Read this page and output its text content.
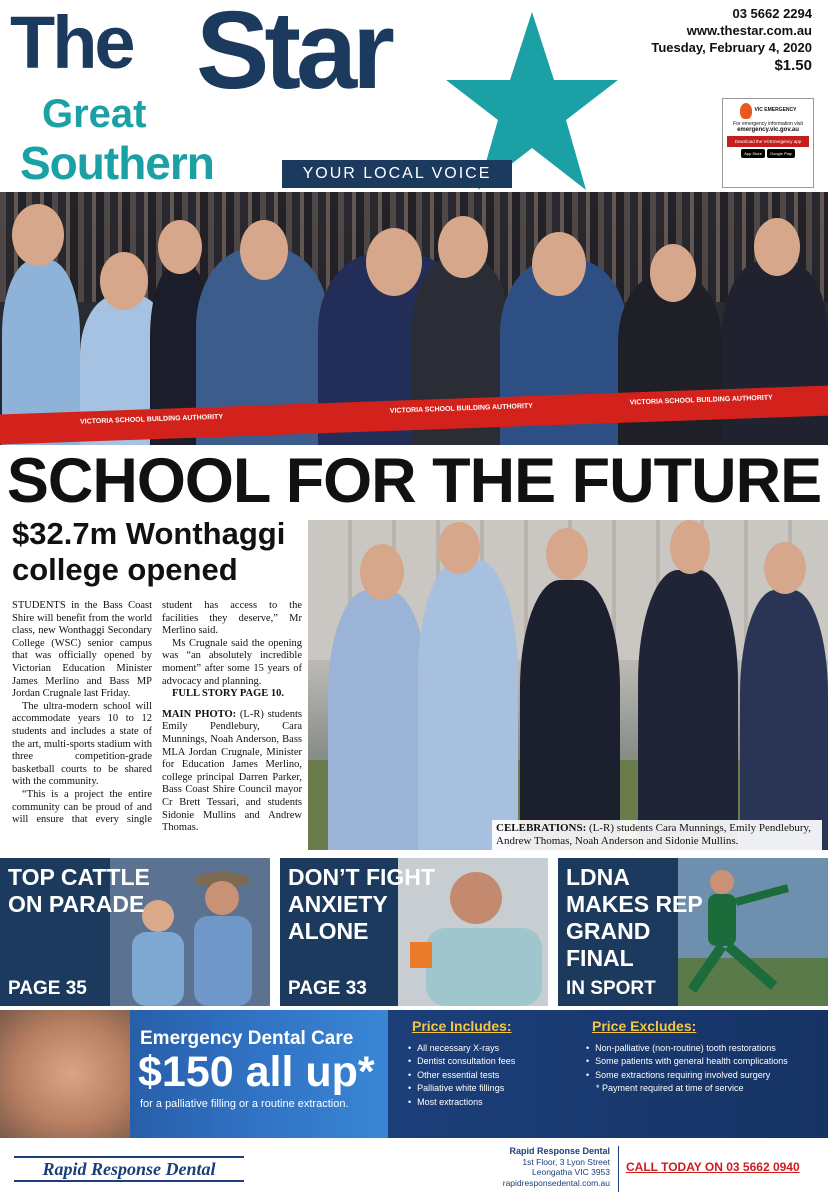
The Star
Great
Southern	YOUR LOCAL VOICE
03 5662 2294
www.thestar.com.au
Tuesday, February 4, 2020
$1.50
VIC EMERGENCY
For emergency information visit
emergency.vic.gov.au
Download the VicEmergency app
App Store	Google Play
VICTORIA SCHOOL BUILDING AUTHORITY
VICTORIA SCHOOL BUILDING AUTHORITY
VICTORIA SCHOOL BUILDING AUTHORITY
SCHOOL FOR THE FUTURE
$32.7m Wonthaggi college opened

STUDENTS in the Bass Coast Shire will benefit from the world class, new Wonthaggi Secondary College (WSC) senior campus that was officially opened by Victorian Education Minister James Merlino and Bass MP Jordan Crugnale last Friday.

The ultra-modern school will accommodate years 10 to 12 students and includes a state of the art, multi-sports stadium with three competition-grade basketball courts to be shared with the community.

“This is a project the entire community can be proud of and will ensure that every single student has access to the facilities they deserve,” Mr Merlino said.

Ms Crugnale said the opening was “an absolutely incredible moment” after some 15 years of advocacy and planning.

FULL STORY PAGE 10.

MAIN PHOTO: (L-R) students Emily Pendlebury, Cara Munnings, Noah Anderson, Bass MLA Jordan Crugnale, Minister for Education James Merlino, college principal Darren Parker, Bass Coast Shire Council mayor Cr Brett Tessari, and students Sidonie Mullins and Andrew Thomas.	CELEBRATIONS: (L-R) students Cara Munnings, Emily Pendlebury, Andrew Thomas, Noah Anderson and Sidonie Mullins.
TOP CATTLE ON PARADE
PAGE 35
DON’T FIGHT ANXIETY ALONE
PAGE 33
LDNA MAKES REP GRAND FINAL
IN SPORT
Emergency Dental Care
$150 all up*
for a palliative filling or a routine extraction.
Price Includes:
• All necessary X-rays
• Dentist consultation fees
• Other essential tests
• Palliative white fillings
• Most extractions
Price Excludes:
• Non-palliative (non-routine) tooth restorations
• Some patients with general health complications
• Some extractions requiring involved surgery
* Payment required at time of service
Rapid Response Dental
Rapid Response Dental
1st Floor, 3 Lyon Street
Leongatha VIC 3953
rapidresponsedental.com.au
CALL TODAY ON 03 5662 0940
